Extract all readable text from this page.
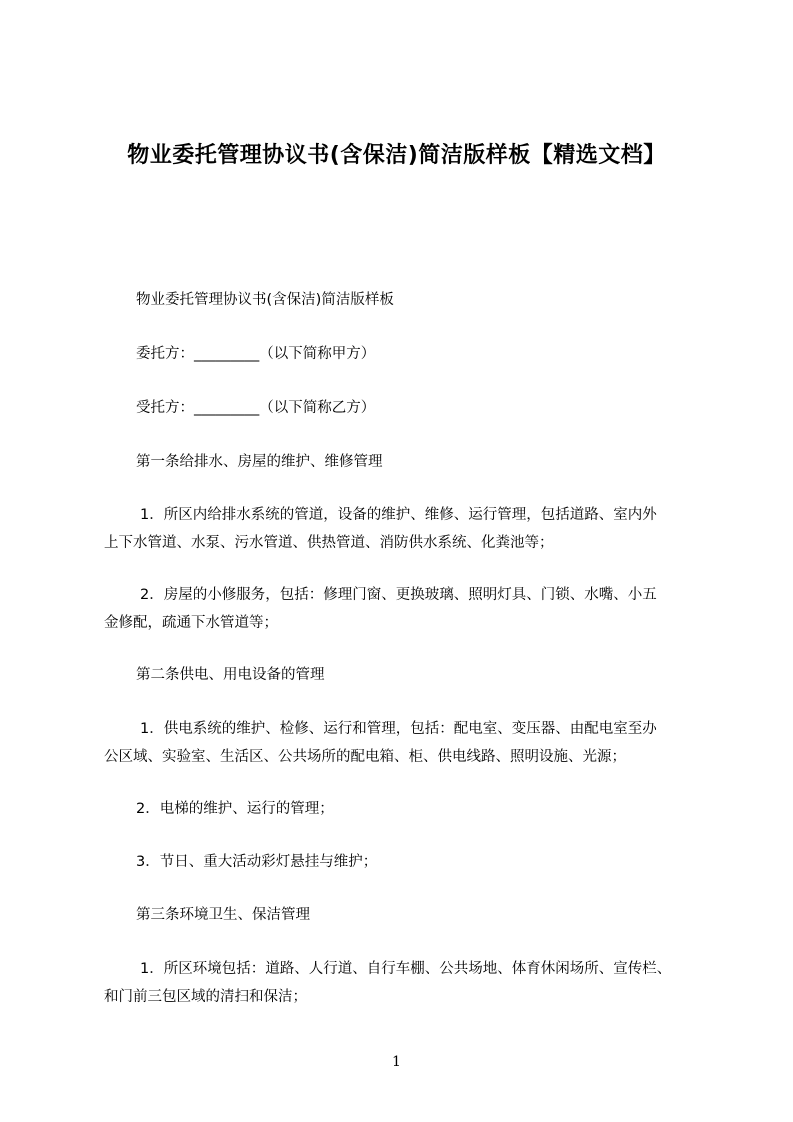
物业委托管理协议书(含保洁)简洁版样板【精选文档】
物业委托管理协议书(含保洁)简洁版样板
委托方：_________（以下简称甲方）
受托方：_________（以下简称乙方）
第一条给排水、房屋的维护、维修管理
1．所区内给排水系统的管道，设备的维护、维修、运行管理，包括道路、室内外
上下水管道、水泵、污水管道、供热管道、消防供水系统、化粪池等；
2．房屋的小修服务，包括：修理门窗、更换玻璃、照明灯具、门锁、水嘴、小五
金修配，疏通下水管道等；
第二条供电、用电设备的管理
1．供电系统的维护、检修、运行和管理，包括：配电室、变压器、由配电室至办
公区域、实验室、生活区、公共场所的配电箱、柜、供电线路、照明设施、光源；
2．电梯的维护、运行的管理；
3．节日、重大活动彩灯悬挂与维护；
第三条环境卫生、保洁管理
1．所区环境包括：道路、人行道、自行车棚、公共场地、体育休闲场所、宣传栏、
和门前三包区域的清扫和保洁；
1
